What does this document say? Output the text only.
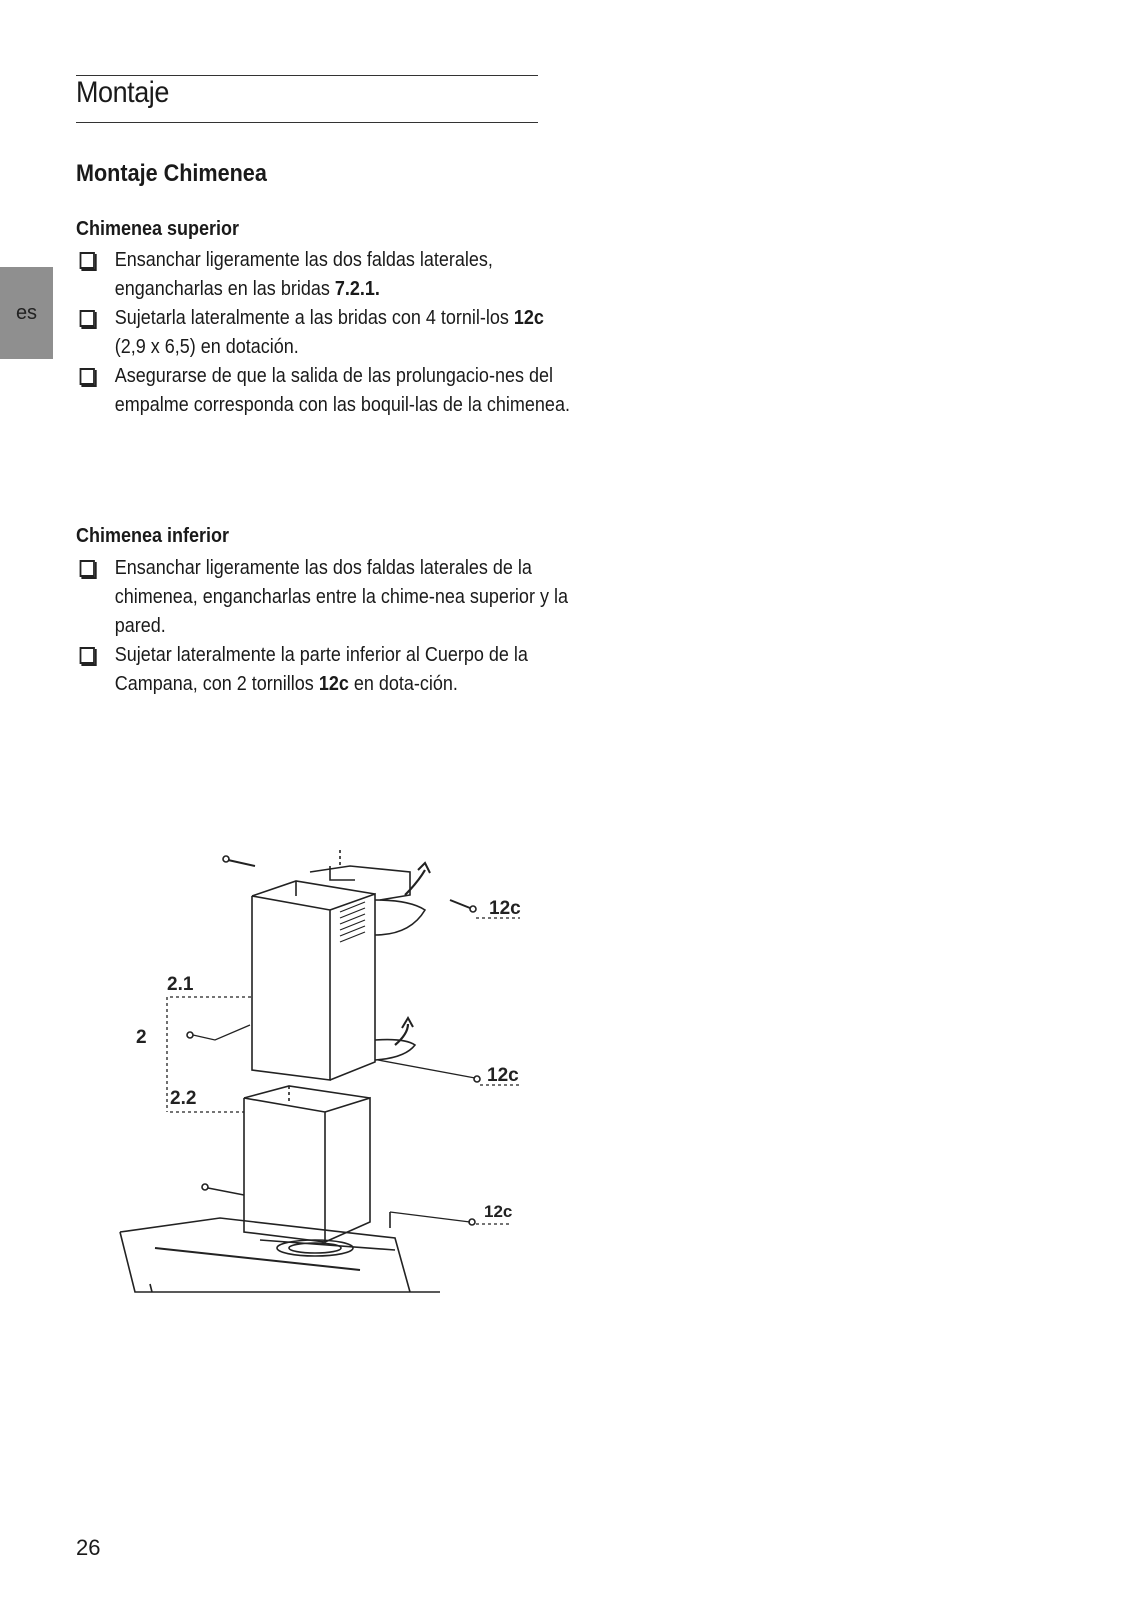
Montaje
es
Montaje Chimenea
Chimenea superior
Ensanchar ligeramente las dos faldas laterales, engancharlas en las bridas 7.2.1.
Sujetarla lateralmente a las bridas con 4 tornil-los 12c (2,9 x 6,5) en dotación.
Asegurarse de que la salida de las prolungacio-nes del empalme corresponda con las boquil-las de la chimenea.
Chimenea inferior
Ensanchar ligeramente las dos faldas laterales de la chimenea, engancharlas entre la chime-nea superior y la pared.
Sujetar lateralmente la parte inferior al Cuerpo de la Campana, con 2 tornillos 12c en dota-ción.
2.1
2
2.2
12c
12c
12c
26
